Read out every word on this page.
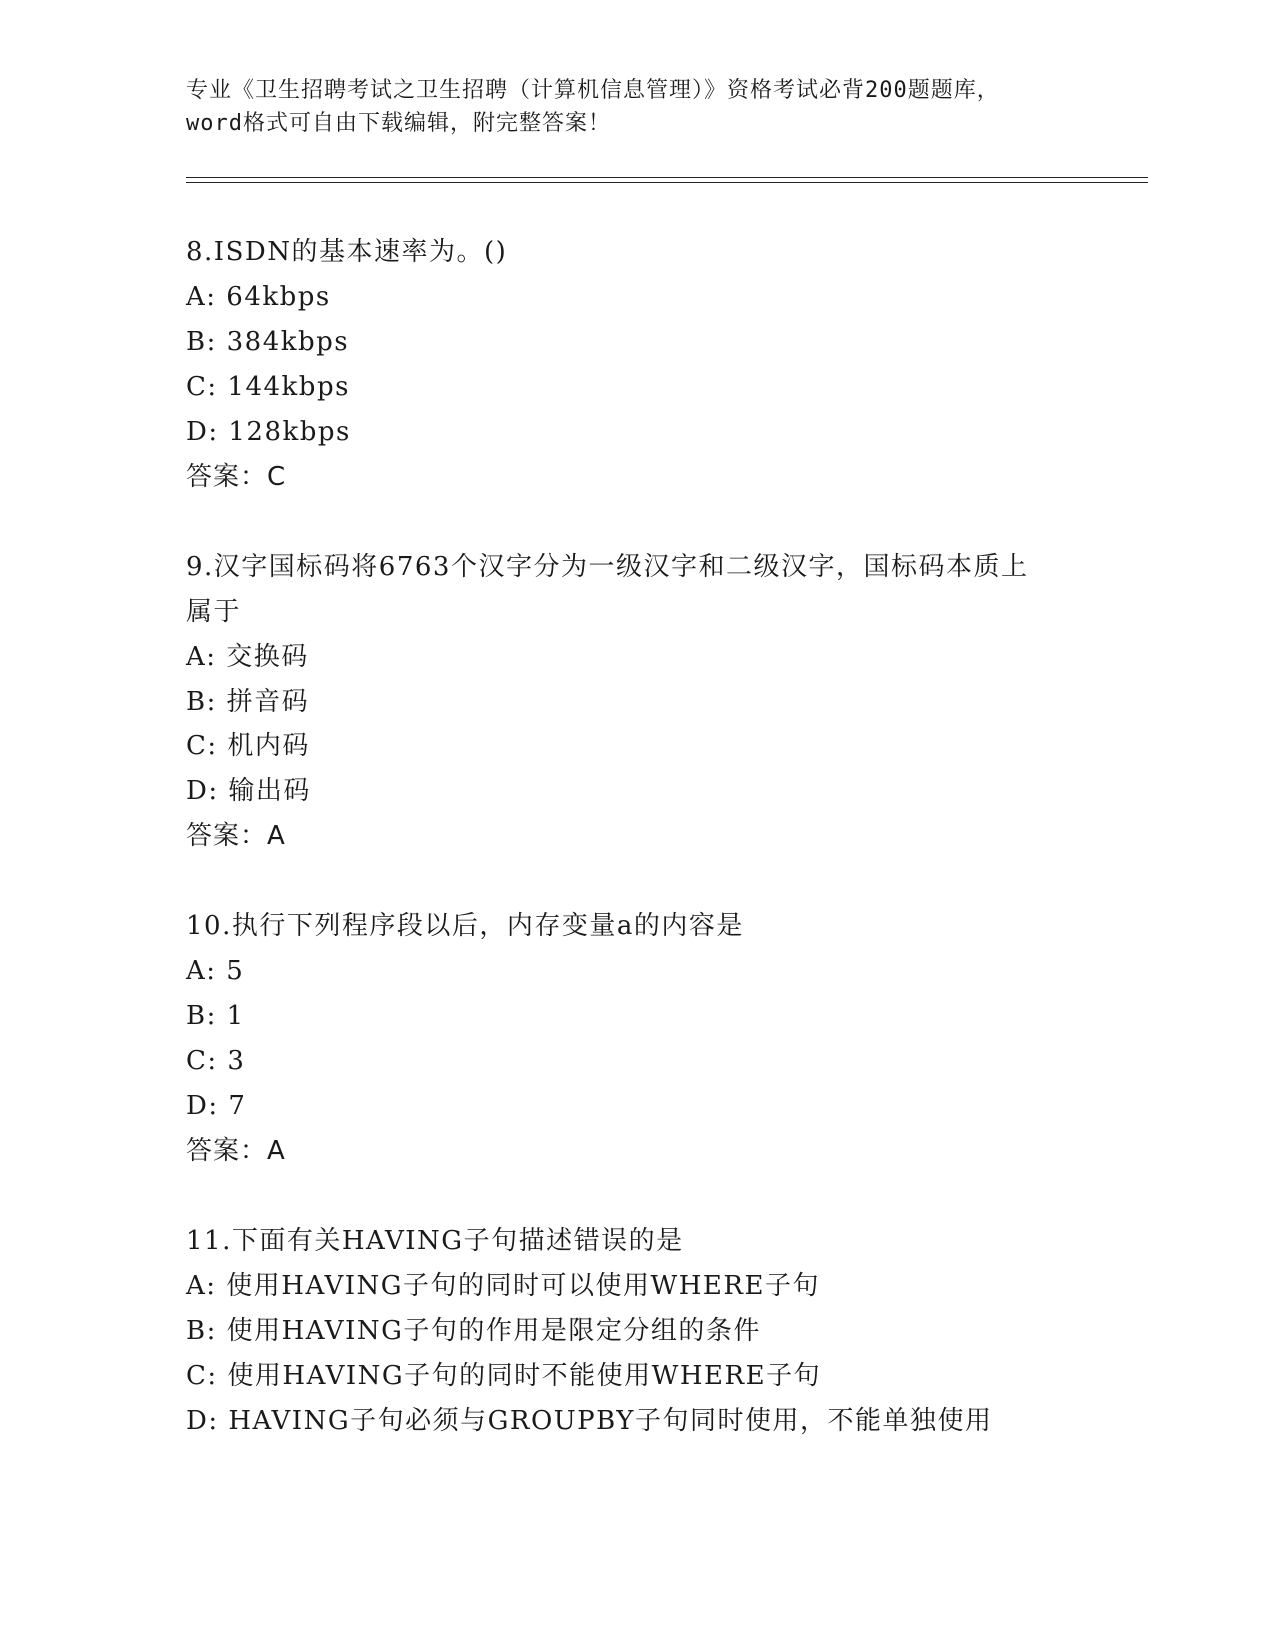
专业《卫生招聘考试之卫生招聘（计算机信息管理）》资格考试必背200题题库，
word格式可自由下载编辑，附完整答案！
8.ISDN的基本速率为。()
A: 64kbps
B: 384kbps
C: 144kbps
D: 128kbps
答案：C
9.汉字国标码将6763个汉字分为一级汉字和二级汉字，国标码本质上
属于
A: 交换码
B: 拼音码
C: 机内码
D: 输出码
答案：A
10.执行下列程序段以后，内存变量a的内容是
A: 5
B: 1
C: 3
D: 7
答案：A
11.下面有关HAVING子句描述错误的是
A: 使用HAVING子句的同时可以使用WHERE子句
B: 使用HAVING子句的作用是限定分组的条件
C: 使用HAVING子句的同时不能使用WHERE子句
D: HAVING子句必须与GROUPBY子句同时使用，不能单独使用
